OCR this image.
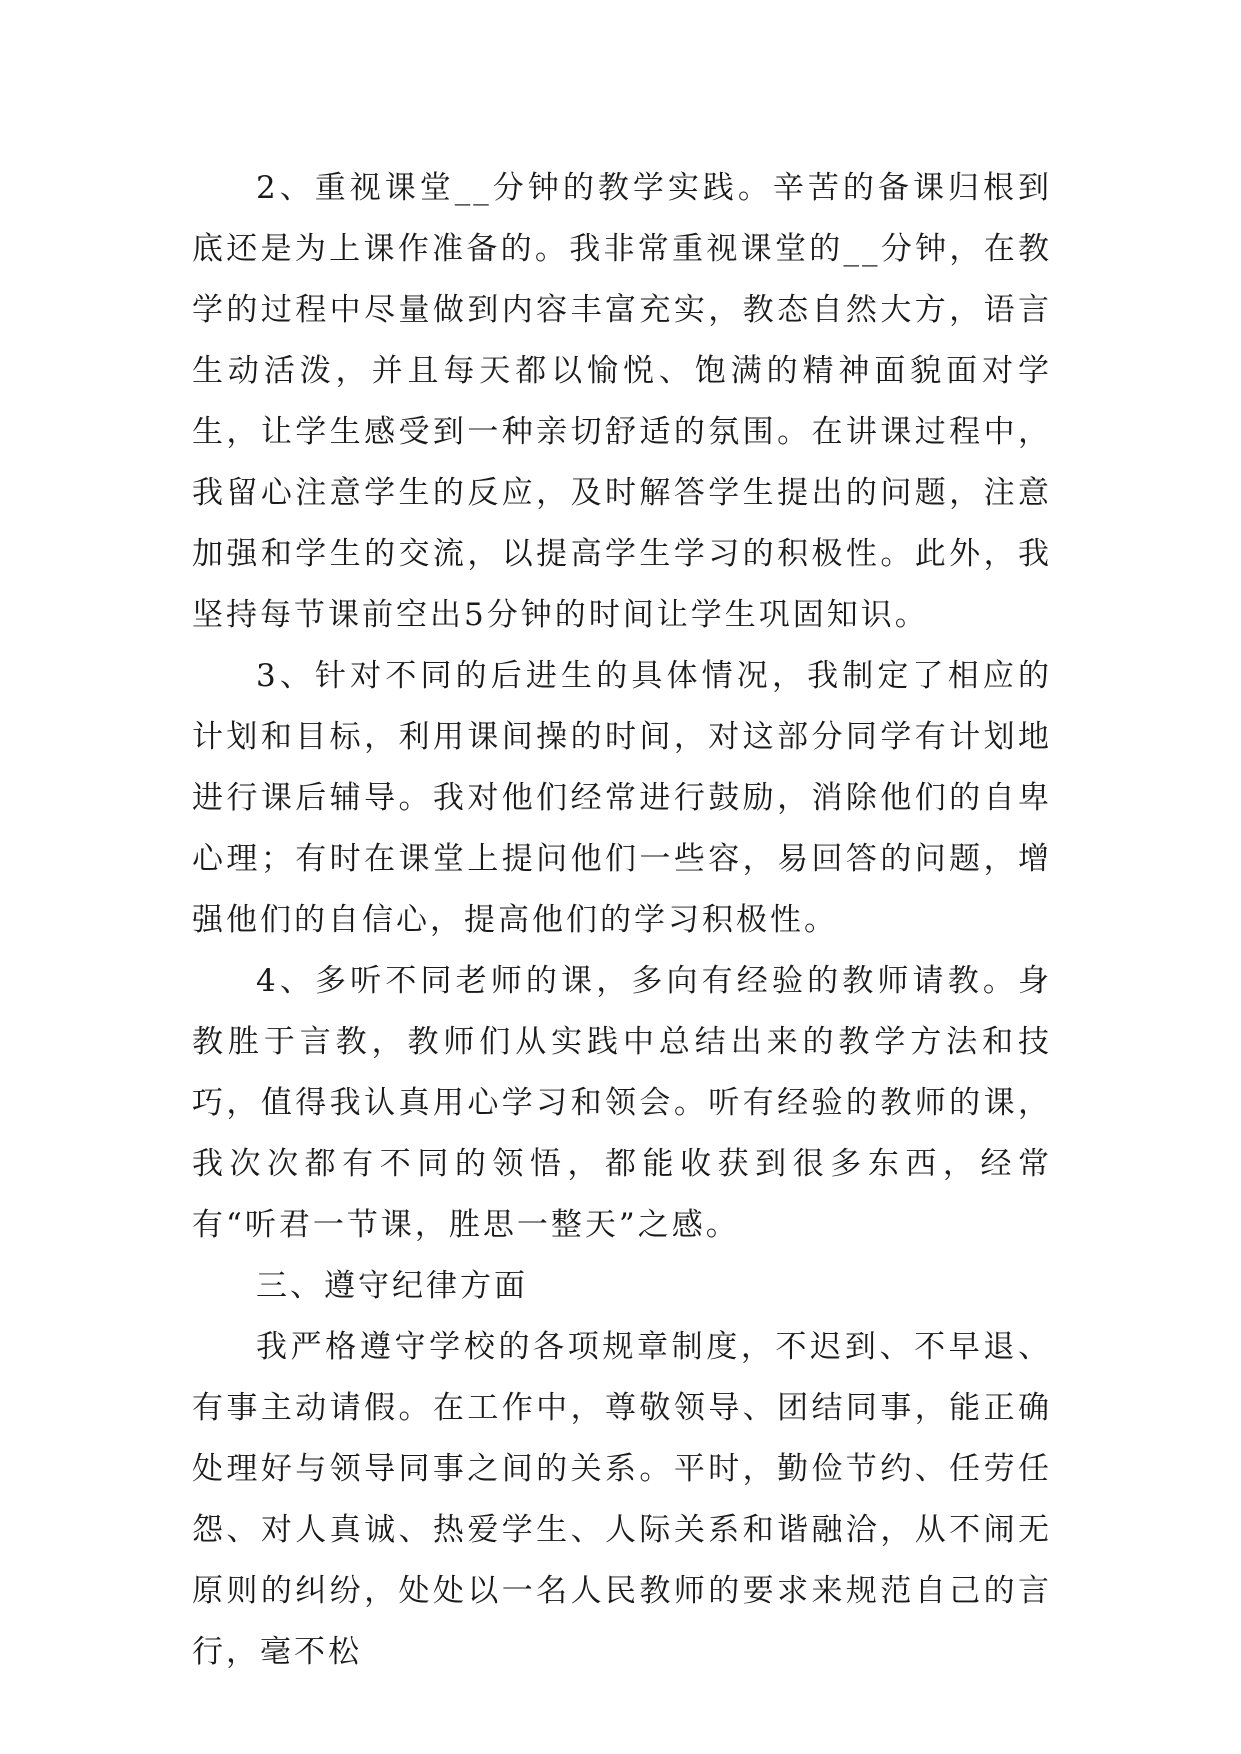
2、重视课堂__分钟的教学实践。辛苦的备课归根到底还是为上课作准备的。我非常重视课堂的__分钟，在教学的过程中尽量做到内容丰富充实，教态自然大方，语言生动活泼，并且每天都以愉悦、饱满的精神面貌面对学生，让学生感受到一种亲切舒适的氛围。在讲课过程中，我留心注意学生的反应，及时解答学生提出的问题，注意加强和学生的交流，以提高学生学习的积极性。此外，我坚持每节课前空出5分钟的时间让学生巩固知识。

3、针对不同的后进生的具体情况，我制定了相应的计划和目标，利用课间操的时间，对这部分同学有计划地进行课后辅导。我对他们经常进行鼓励，消除他们的自卑心理；有时在课堂上提问他们一些容，易回答的问题，增强他们的自信心，提高他们的学习积极性。

4、多听不同老师的课，多向有经验的教师请教。身教胜于言教，教师们从实践中总结出来的教学方法和技巧，值得我认真用心学习和领会。听有经验的教师的课，我次次都有不同的领悟，都能收获到很多东西，经常有“听君一节课，胜思一整天”之感。

三、遵守纪律方面

我严格遵守学校的各项规章制度，不迟到、不早退、有事主动请假。在工作中，尊敬领导、团结同事，能正确处理好与领导同事之间的关系。平时，勤俭节约、任劳任怨、对人真诚、热爱学生、人际关系和谐融洽，从不闹无原则的纠纷，处处以一名人民教师的要求来规范自己的言行，毫不松
